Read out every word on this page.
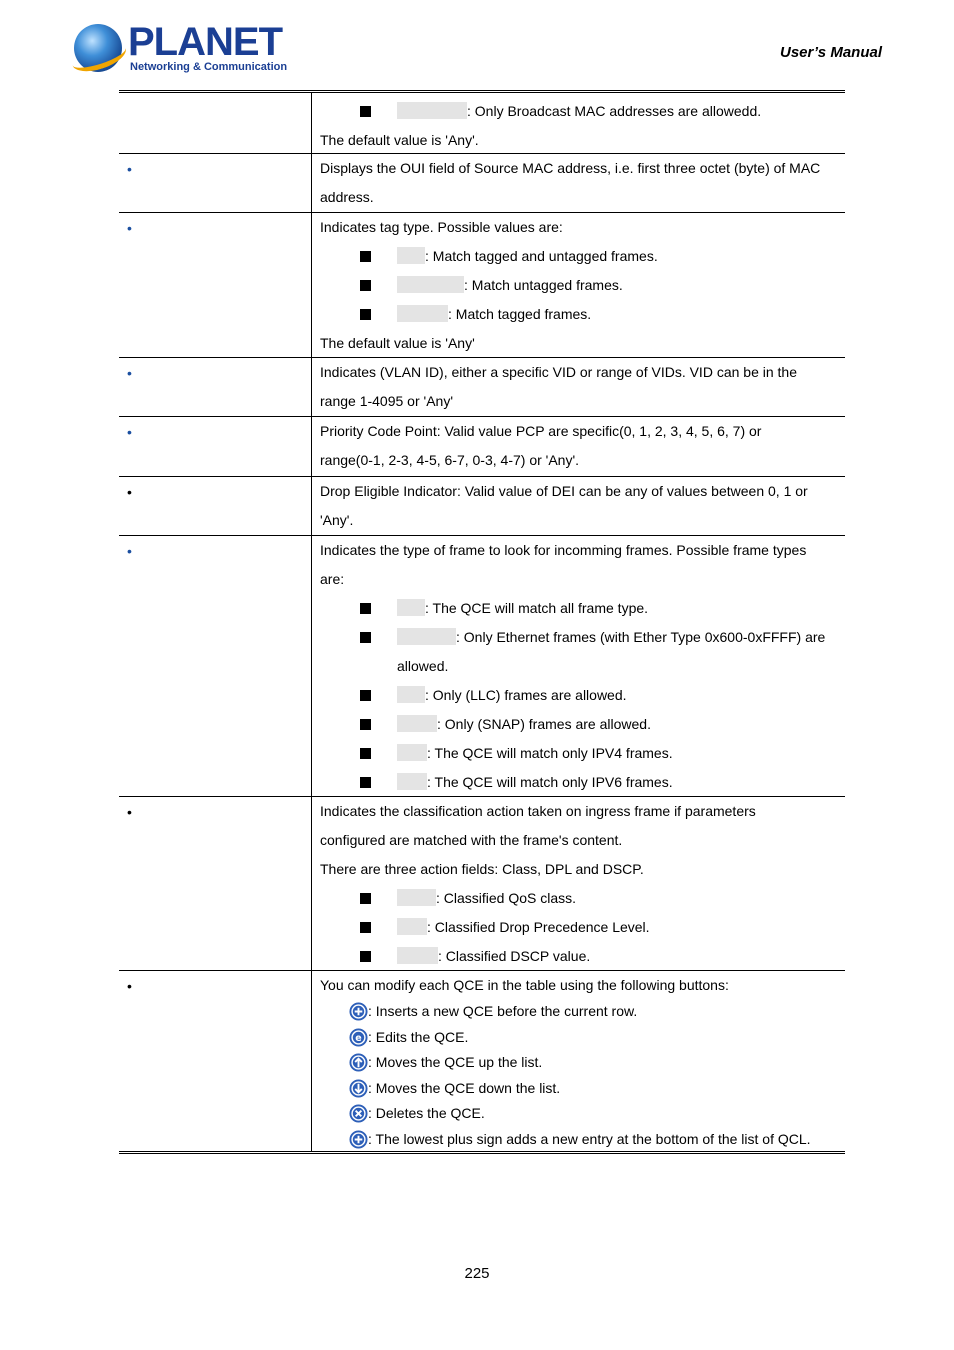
PLANET
Networking & Communication
User’s Manual
: Only Broadcast MAC addresses are allowedd.
The default value is 'Any'.
•	Displays the OUI field of Source MAC address, i.e. first three octet (byte) of MAC
address.
•	Indicates tag type. Possible values are:
: Match tagged and untagged frames.
: Match untagged frames.
: Match tagged frames.
The default value is 'Any'
•	Indicates (VLAN ID), either a specific VID or range of VIDs. VID can be in the
range 1-4095 or 'Any'
•	Priority Code Point: Valid value PCP are specific(0, 1, 2, 3, 4, 5, 6, 7) or
range(0-1, 2-3, 4-5, 6-7, 0-3, 4-7) or 'Any'.
•	Drop Eligible Indicator: Valid value of DEI can be any of values between 0, 1 or
'Any'.
•	Indicates the type of frame to look for incomming frames. Possible frame types
are:
: The QCE will match all frame type.
: Only Ethernet frames (with Ether Type 0x600-0xFFFF) are
allowed.
: Only (LLC) frames are allowed.
: Only (SNAP) frames are allowed.
: The QCE will match only IPV4 frames.
: The QCE will match only IPV6 frames.
•	Indicates the classification action taken on ingress frame if parameters
configured are matched with the frame's content.
There are three action fields: Class, DPL and DSCP.
: Classified QoS class.
: Classified Drop Precedence Level.
: Classified DSCP value.
•	You can modify each QCE in the table using the following buttons:
: Inserts a new QCE before the current row.
e : Edits the QCE.
: Moves the QCE up the list.
: Moves the QCE down the list.
: Deletes the QCE.
: The lowest plus sign adds a new entry at the bottom of the list of QCL.
225
